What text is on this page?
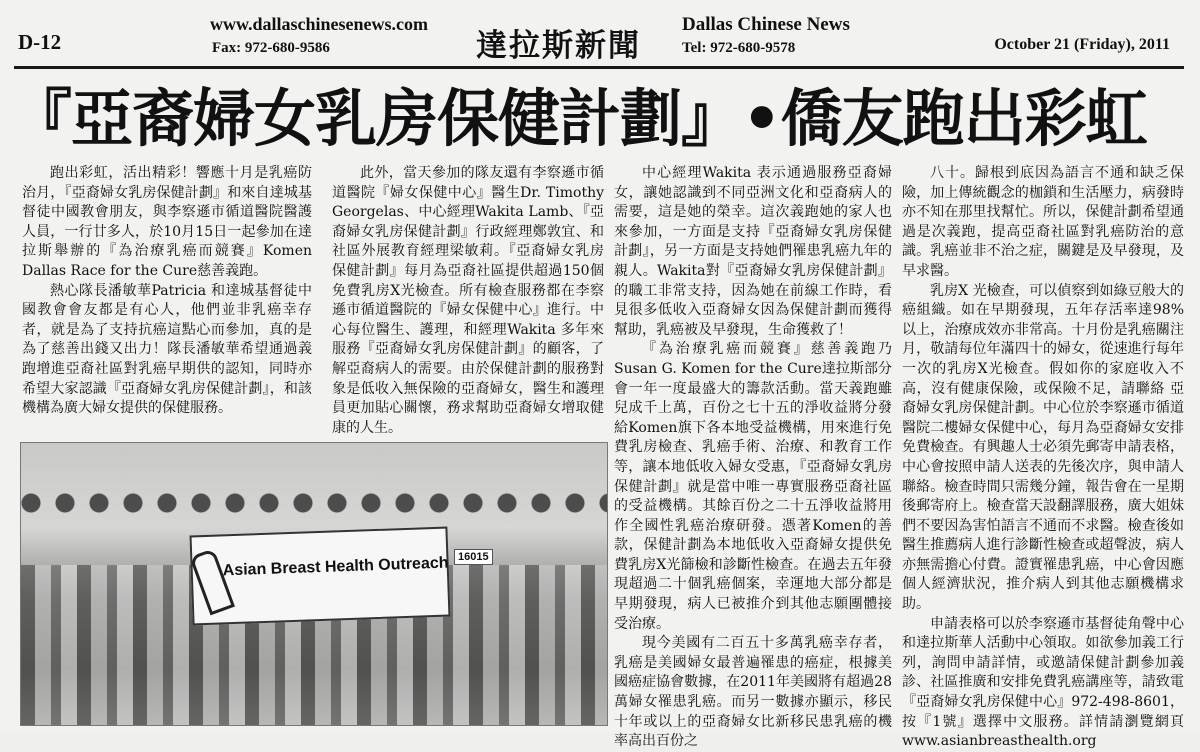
D-12
www.dallaschinesenews.com
Fax: 972-680-9586	達拉斯新聞
Dallas Chinese News
Tel: 972-680-9578	October 21 (Friday), 2011
『亞裔婦女乳房保健計劃』•僑友跑出彩虹

跑出彩虹，活出精彩！響應十月是乳癌防治月，『亞裔婦女乳房保健計劃』和來自達城基督徒中國教會朋友，與李察遜市循道醫院醫護人員，一行廿多人，於10月15日一起參加在達拉斯舉辦的『為治療乳癌而競賽』Komen Dallas Race for the Cure慈善義跑。

熱心隊長潘敏華Patricia 和達城基督徒中國教會會友都是有心人，他們並非乳癌幸存者，就是為了支持抗癌這點心而參加，真的是為了慈善出錢又出力！隊長潘敏華希望通過義跑增進亞裔社區對乳癌早期供的認知，同時亦希望大家認識『亞裔婦女乳房保健計劃』，和該機構為廣大婦女提供的保健服務。

此外，當天參加的隊友還有李察遜市循道醫院『婦女保健中心』醫生Dr. Timothy Georgelas、中心經理Wakita Lamb、『亞裔婦女乳房保健計劃』行政經理鄭敦宜、和社區外展教育經理梁敏莉。『亞裔婦女乳房保健計劃』每月為亞裔社區提供超過150個免費乳房X光檢查。所有檢查服務都在李察遜市循道醫院的『婦女保健中心』進行。中心每位醫生、護理，和經理Wakita 多年來服務『亞裔婦女乳房保健計劃』的顧客，了解亞裔病人的需要。由於保健計劃的服務對象是低收入無保險的亞裔婦女，醫生和護理員更加貼心關懷，務求幫助亞裔婦女增取健康的人生。

中心經理Wakita 表示通過服務亞裔婦女，讓她認識到不同亞洲文化和亞裔病人的需要，這是她的榮幸。這次義跑她的家人也來參加，一方面是支持『亞裔婦女乳房保健計劃』，另一方面是支持她們罹患乳癌九年的親人。Wakita對『亞裔婦女乳房保健計劃』的職工非常支持，因為她在前線工作時，看見很多低收入亞裔婦女因為保健計劃而獲得幫助，乳癌被及早發現，生命獲救了！

『為治療乳癌而競賽』慈善義跑乃Susan G. Komen for the Cure達拉斯部分會一年一度最盛大的籌款活動。當天義跑雖兒成千上萬，百份之七十五的淨收益將分發給Komen旗下各本地受益機構，用來進行免費乳房檢查、乳癌手術、治療、和教育工作等，讓本地低收入婦女受惠，『亞裔婦女乳房保健計劃』就是當中唯一專實服務亞裔社區的受益機構。其餘百份之二十五淨收益將用作全國性乳癌治療研發。憑著Komen的善款，保健計劃為本地低收入亞裔婦女提供免費乳房X光篩檢和診斷性檢查。在過去五年發現超過二十個乳癌個案，幸運地大部分都是早期發現，病人已被推介到其他志願團體接受治療。

現今美國有二百五十多萬乳癌幸存者，乳癌是美國婦女最普遍罹患的癌症，根據美國癌症協會數據，在2011年美國將有超過28萬婦女罹患乳癌。而另一數據亦顯示，移民十年或以上的亞裔婦女比新移民患乳癌的機率高出百份之

八十。歸根到底因為語言不通和缺乏保險，加上傳統觀念的枷鎖和生活壓力，病發時亦不知在那里找幫忙。所以，保健計劃希望通過是次義跑，提高亞裔社區對乳癌防治的意識。乳癌並非不治之症，關鍵是及早發現，及早求醫。

乳房X 光檢查，可以偵察到如綠豆般大的癌組織。如在早期發現，五年存活率達98%以上，治療成效亦非常高。十月份是乳癌關注月，敬請每位年滿四十的婦女，從速進行每年一次的乳房X光檢查。假如你的家庭收入不高，沒有健康保險，或保險不足，請聯絡 亞裔婦女乳房保健計劃。中心位於李察遜市循道醫院二樓婦女保健中心，每月為亞裔婦女安排免費檢查。有興趣人士必須先郵寄申請表格，中心會按照申請人送表的先後次序，與申請人聯絡。檢查時間只需幾分鐘，報告會在一星期後郵寄府上。檢查當天設翻譯服務，廣大姐妹們不要因為害怕語言不通而不求醫。檢查後如醫生推薦病人進行診斷性檢查或超聲波，病人亦無需擔心付費。證實罹患乳癌，中心會因應個人經濟狀況，推介病人到其他志願機構求助。

申請表格可以於李察遜市基督徒角聲中心和達拉斯華人活動中心領取。如欲參加義工行列，詢問申請詳情，或邀請保健計劃參加義診、社區推廣和安排免費乳癌講座等，請致電『亞裔婦女乳房保健中心』972-498-8601，按『1號』選擇中文服務。詳情請瀏覽網頁www.asianbreasthealth.org

Asian Breast Health Outreach 16015
